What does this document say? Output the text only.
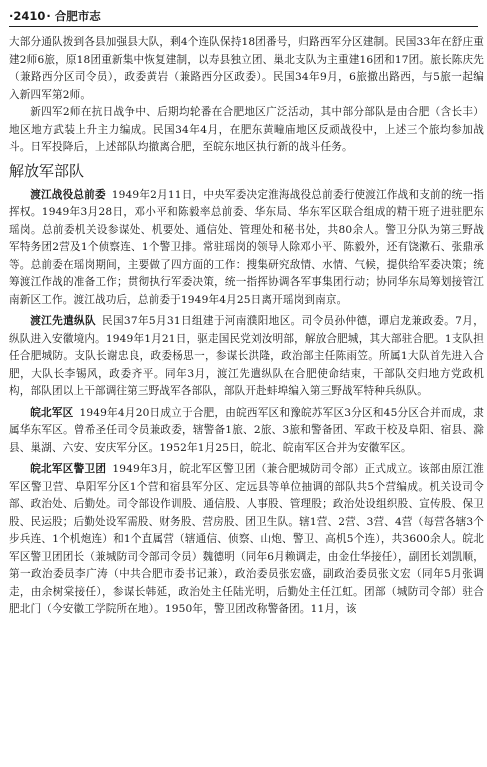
·2410· 合肥市志

大部分通队拨到各县加强县大队，剩4个连队保持18团番号，归路西军分区建制。民国33年在舒庄重建2师6旅，原18团重新集中恢复建制，以寿县独立团、巢北支队为主重建16团和17团。旅长陈庆先（兼路西分区司令员），政委黄岩（兼路西分区政委）。民国34年9月，6旅撤出路西，与5旅一起编入新四军第2师。

新四军2师在抗日战争中、后期均轮番在合肥地区广泛活动，其中部分部队是由合肥（含长丰）地区地方武装上升主力编成。民国34年4月，在肥东黄疃庙地区反顽战役中，上述三个旅均参加战斗。日军投降后，上述部队均撤离合肥，至皖东地区执行新的战斗任务。

解放军部队

渡江战役总前委 1949年2月11日，中央军委决定淮海战役总前委行使渡江作战和支前的统一指挥权。1949年3月28日，邓小平和陈毅率总前委、华东局、华东军区联合组成的精干班子进驻肥东瑶岗。总前委机关设参谋处、机要处、通信处、管理处和秘书处，共80余人。警卫分队为第三野战军特务团2营及1个侦察连、1个警卫排。常驻瑶岗的领导人除邓小平、陈毅外，还有饶漱石、张鼎承等。总前委在瑶岗期间，主要做了四方面的工作：搜集研究敌情、水情、气候，提供给军委决策；统筹渡江作战的准备工作；贯彻执行军委决策，统一指挥协调各军事集团行动；协同华东局筹划接管江南新区工作。渡江战功后，总前委于1949年4月25日离开瑶岗到南京。

渡江先遣纵队 民国37年5月31日组建于河南濮阳地区。司令员孙仲德，谭启龙兼政委。7月，纵队进入安徽境内。1949年1月21日，驱走国民党刘汝明部，解放合肥城，其大部驻合肥。1支队担任合肥城防。支队长谢忠良，政委杨思一，参谋长洪隆，政治部主任陈雨笠。所属1大队首先进入合肥，大队长李锡风，政委齐平。同年3月，渡江先遣纵队在合肥使命结束，干部队交归地方党政机构，部队团以上干部调往第三野战军各部队，部队开赴蚌埠编入第三野战军特种兵纵队。

皖北军区 1949年4月20日成立于合肥，由皖西军区和豫皖苏军区3分区和45分区合并而成，隶属华东军区。曾希圣任司令员兼政委，辖警备1旅、2旅、3旅和警备团、军政干校及阜阳、宿县、滁县、巢湖、六安、安庆军分区。1952年1月25日，皖北、皖南军区合并为安徽军区。

皖北军区警卫团 1949年3月，皖北军区警卫团（兼合肥城防司令部）正式成立。该部由原江淮军区警卫营、阜阳军分区1个营和宿县军分区、定远县等单位抽调的部队共5个营编成。机关设司令部、政治处、后勤处。司令部设作训股、通信股、人事股、管理股；政治处设组织股、宣传股、保卫股、民运股；后勤处设军需股、财务股、营房股、团卫生队。辖1营、2营、3营、4营（每营各辖3个步兵连、1个机炮连）和1个直属营（辖通信、侦察、山炮、警卫、高机5个连），共3600余人。皖北军区警卫团团长（兼城防司令部司令员）魏德明（同年6月赖调走，由金仕华接任），副团长刘凯顺，第一政治委员李广涛（中共合肥市委书记兼），政治委员张宏盛，副政治委员张文宏（同年5月张调走，由余树棠接任），参谋长韩延，政治处主任陆光明，后勤处主任江虹。团部（城防司令部）驻合肥北门（今安徽工学院所在地）。1950年，警卫团改称警备团。11月，该
